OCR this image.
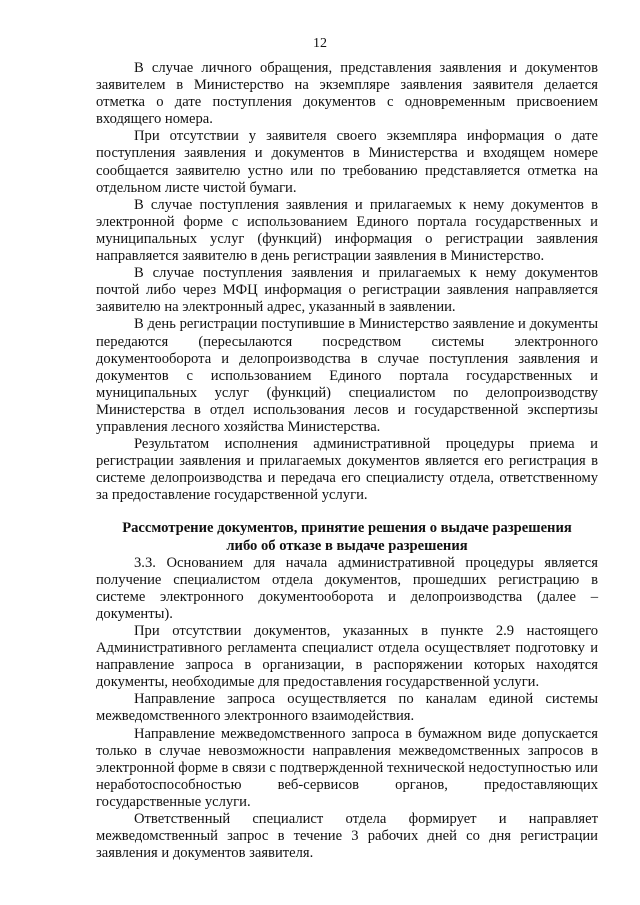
12

В случае личного обращения, представления заявления и документов заявителем в Министерство на экземпляре заявления заявителя делается отметка о дате поступления документов с одновременным присвоением входящего номера.

При отсутствии у заявителя своего экземпляра информация о дате поступления заявления и документов в Министерства и входящем номере сообщается заявителю устно или по требованию представляется отметка на отдельном листе чистой бумаги.

В случае поступления заявления и прилагаемых к нему документов в электронной форме с использованием Единого портала государственных и муниципальных услуг (функций) информация о регистрации заявления направляется заявителю в день регистрации заявления в Министерство.

В случае поступления заявления и прилагаемых к нему документов почтой либо через МФЦ информация о регистрации заявления направляется заявителю на электронный адрес, указанный в заявлении.

В день регистрации поступившие в Министерство заявление и документы передаются (пересылаются посредством системы электронного документооборота и делопроизводства в случае поступления заявления и документов с использованием Единого портала государственных и муниципальных услуг (функций) специалистом по делопроизводству Министерства в отдел использования лесов и государственной экспертизы управления лесного хозяйства Министерства.

Результатом исполнения административной процедуры приема и регистрации заявления и прилагаемых документов является его регистрация в системе делопроизводства и передача его специалисту отдела, ответственному за предоставление государственной услуги.

Рассмотрение документов, принятие решения о выдаче разрешения либо об отказе в выдаче разрешения

3.3. Основанием для начала административной процедуры является получение специалистом отдела документов, прошедших регистрацию в системе электронного документооборота и делопроизводства (далее – документы).

При отсутствии документов, указанных в пункте 2.9 настоящего Административного регламента специалист отдела осуществляет подготовку и направление запроса в организации, в распоряжении которых находятся документы, необходимые для предоставления государственной услуги.

Направление запроса осуществляется по каналам единой системы межведомственного электронного взаимодействия.

Направление межведомственного запроса в бумажном виде допускается только в случае невозможности направления межведомственных запросов в электронной форме в связи с подтвержденной технической недоступностью или неработоспособностью веб-сервисов органов, предоставляющих государственные услуги.

Ответственный специалист отдела формирует и направляет межведомственный запрос в течение 3 рабочих дней со дня регистрации заявления и документов заявителя.
